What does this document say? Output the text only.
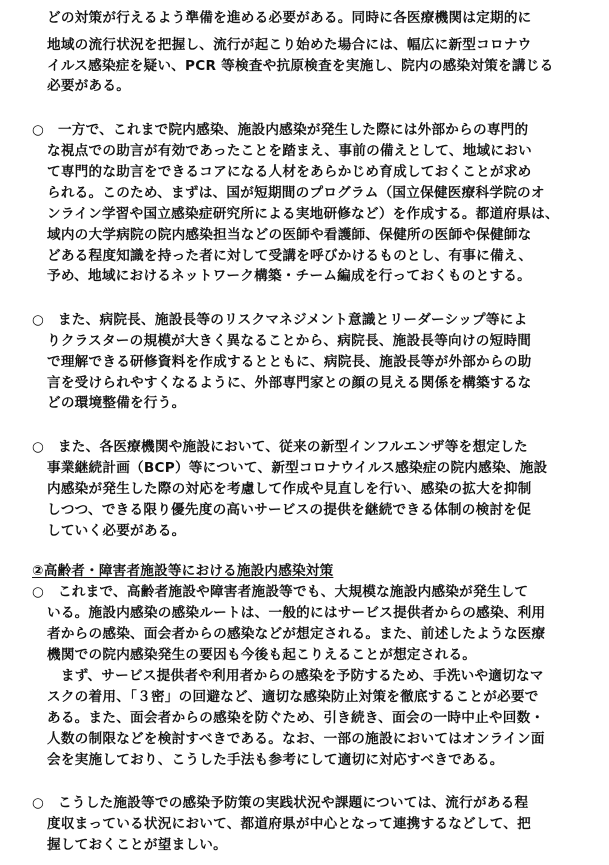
どの対策が行えるよう準備を進める必要がある。同時に各医療機関は定期的に
地域の流行状況を把握し、流行が起こり始めた場合には、幅広に新型コロナウ
イルス感染症を疑い、PCR 等検査や抗原検査を実施し、院内の感染対策を講じる
必要がある。
○　一方で、これまで院内感染、施設内感染が発生した際には外部からの専門的
な視点での助言が有効であったことを踏まえ、事前の備えとして、地域におい
て専門的な助言をできるコアになる人材をあらかじめ育成しておくことが求め
られる。このため、まずは、国が短期間のプログラム（国立保健医療科学院のオ
ンライン学習や国立感染症研究所による実地研修など）を作成する。都道府県は、
域内の大学病院の院内感染担当などの医師や看護師、保健所の医師や保健師な
どある程度知識を持った者に対して受講を呼びかけるものとし、有事に備え、
予め、地域におけるネットワーク構築・チーム編成を行っておくものとする。
○　また、病院長、施設長等のリスクマネジメント意識とリーダーシップ等によ
りクラスターの規模が大きく異なることから、病院長、施設長等向けの短時間
で理解できる研修資料を作成するとともに、病院長、施設長等が外部からの助
言を受けられやすくなるように、外部専門家との顔の見える関係を構築するな
どの環境整備を行う。
○　また、各医療機関や施設において、従来の新型インフルエンザ等を想定した
事業継続計画（BCP）等について、新型コロナウイルス感染症の院内感染、施設
内感染が発生した際の対応を考慮して作成や見直しを行い、感染の拡大を抑制
しつつ、できる限り優先度の高いサービスの提供を継続できる体制の検討を促
していく必要がある。
②高齢者・障害者施設等における施設内感染対策
○　これまで、高齢者施設や障害者施設等でも、大規模な施設内感染が発生して
いる。施設内感染の感染ルートは、一般的にはサービス提供者からの感染、利用
者からの感染、面会者からの感染などが想定される。また、前述したような医療
機関での院内感染発生の要因も今後も起こりえることが想定される。
　まず、サービス提供者や利用者からの感染を予防するため、手洗いや適切なマ
スクの着用、「３密」の回避など、適切な感染防止対策を徹底することが必要で
ある。また、面会者からの感染を防ぐため、引き続き、面会の一時中止や回数・
人数の制限などを検討すべきである。なお、一部の施設においてはオンライン面
会を実施しており、こうした手法も参考にして適切に対応すべきである。
○　こうした施設等での感染予防策の実践状況や課題については、流行がある程
度収まっている状況において、都道府県が中心となって連携するなどして、把
握しておくことが望ましい。
